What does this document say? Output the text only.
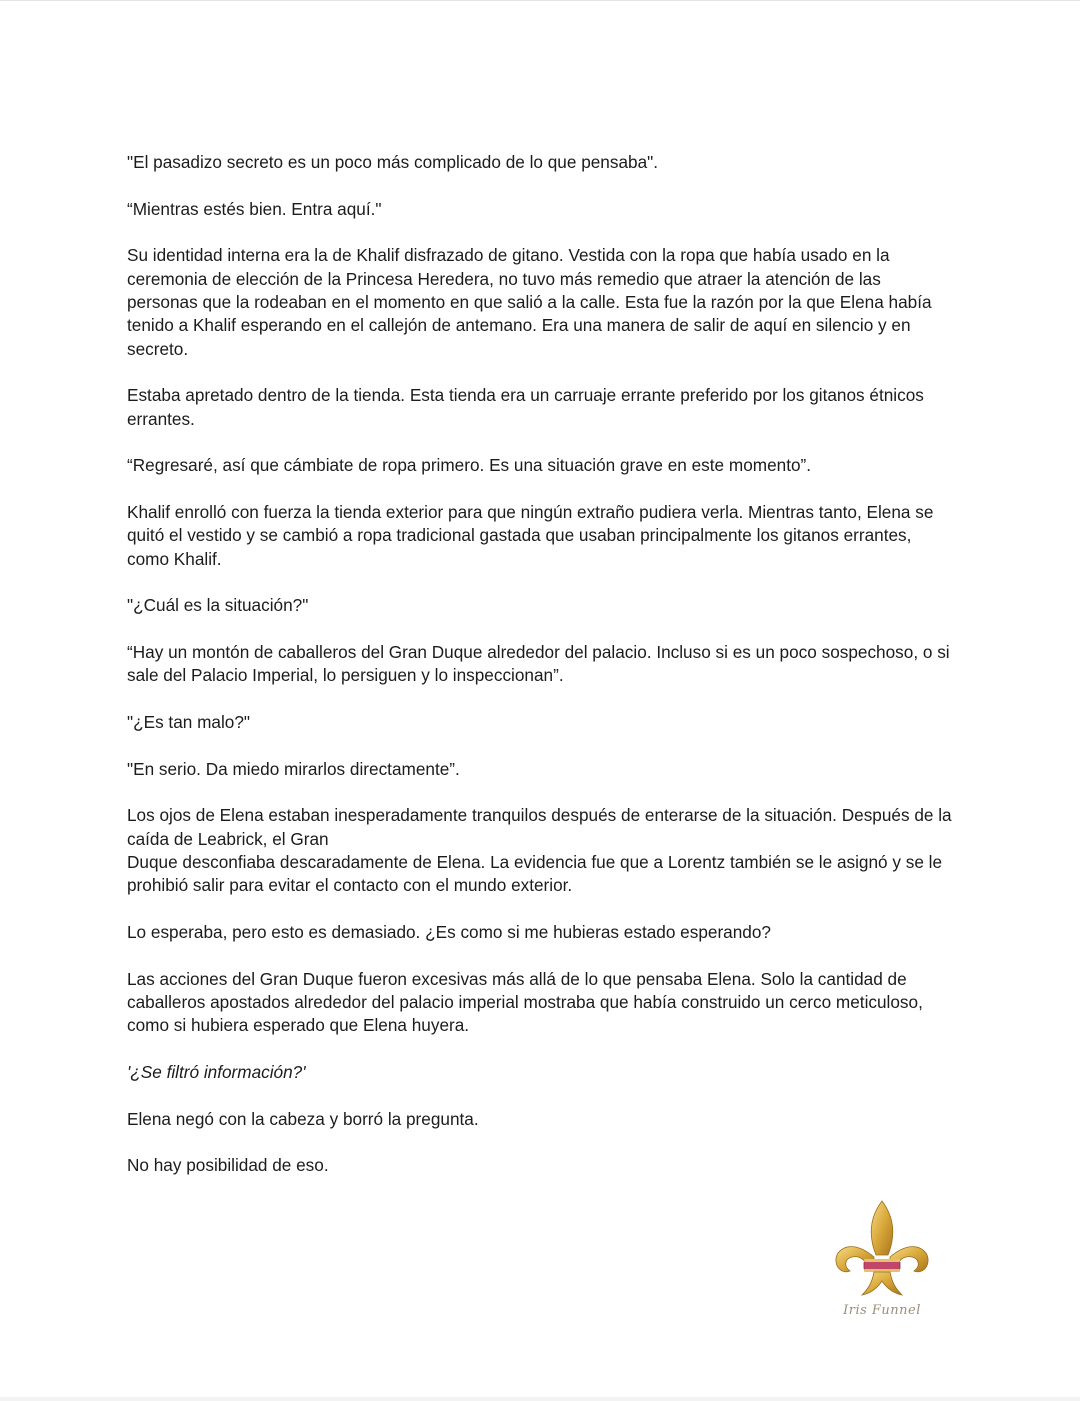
"El pasadizo secreto es un poco más complicado de lo que pensaba".

“Mientras estés bien. Entra aquí."

Su identidad interna era la de Khalif disfrazado de gitano. Vestida con la ropa que había usado en la ceremonia de elección de la Princesa Heredera, no tuvo más remedio que atraer la atención de las personas que la rodeaban en el momento en que salió a la calle. Esta fue la razón por la que Elena había tenido a Khalif esperando en el callejón de antemano. Era una manera de salir de aquí en silencio y en secreto.

Estaba apretado dentro de la tienda. Esta tienda era un carruaje errante preferido por los gitanos étnicos errantes.

“Regresaré, así que cámbiate de ropa primero. Es una situación grave en este momento”.

Khalif enrolló con fuerza la tienda exterior para que ningún extraño pudiera verla. Mientras tanto, Elena se quitó el vestido y se cambió a ropa tradicional gastada que usaban principalmente los gitanos errantes, como Khalif.

"¿Cuál es la situación?"

“Hay un montón de caballeros del Gran Duque alrededor del palacio. Incluso si es un poco sospechoso, o si sale del Palacio Imperial, lo persiguen y lo inspeccionan”.

"¿Es tan malo?"

"En serio. Da miedo mirarlos directamente”.

Los ojos de Elena estaban inesperadamente tranquilos después de enterarse de la situación. Después de la caída de Leabrick, el Gran
Duque desconfiaba descaradamente de Elena. La evidencia fue que a Lorentz también se le asignó y se le prohibió salir para evitar el contacto con el mundo exterior.

Lo esperaba, pero esto es demasiado. ¿Es como si me hubieras estado esperando?

Las acciones del Gran Duque fueron excesivas más allá de lo que pensaba Elena. Solo la cantidad de caballeros apostados alrededor del palacio imperial mostraba que había construido un cerco meticuloso, como si hubiera esperado que Elena huyera.

'¿Se filtró información?'

Elena negó con la cabeza y borró la pregunta.

No hay posibilidad de eso.

Iris Funnel
